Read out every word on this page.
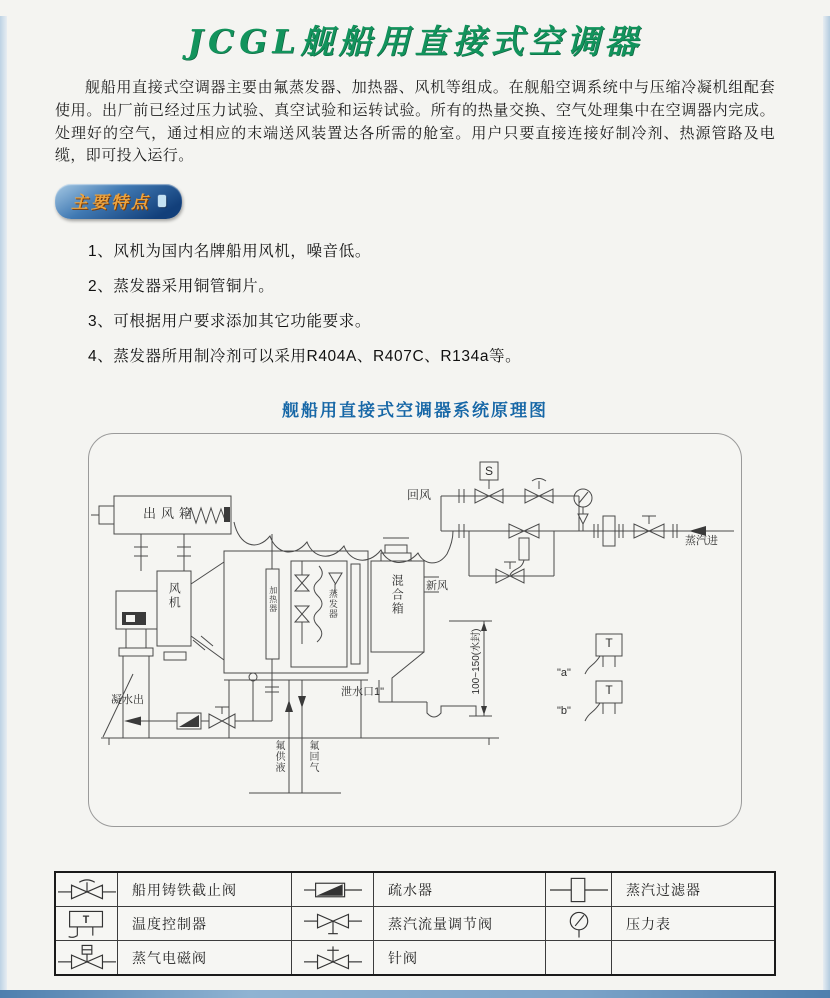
JCGL舰船用直接式空调器

舰船用直接式空调器主要由氟蒸发器、加热器、风机等组成。在舰船空调系统中与压缩冷凝机组配套使用。出厂前已经过压力试验、真空试验和运转试验。所有的热量交换、空气处理集中在空调器内完成。处理好的空气，通过相应的末端送风装置达各所需的舱室。用户只要直接连接好制冷剂、热源管路及电缆，即可投入运行。

主要特点
1、风机为国内名牌船用风机，噪音低。
2、蒸发器采用铜管铜片。
3、可根据用户要求添加其它功能要求。
4、蒸发器所用制冷剂可以采用R404A、R407C、R134a等。
舰船用直接式空调器系统原理图
出风箱
风机	加热器	蒸发器	混合箱 新风
回风
蒸汽进
S
T
T
"a"
"b"
100~150(水封)
凝水出
泄水口1"
氟供液 氟回气
船用铸铁截止阀	疏水器	蒸汽过滤器
T	温度控制器	蒸汽流量调节阀	压力表
蒸气电磁阀	针阀
